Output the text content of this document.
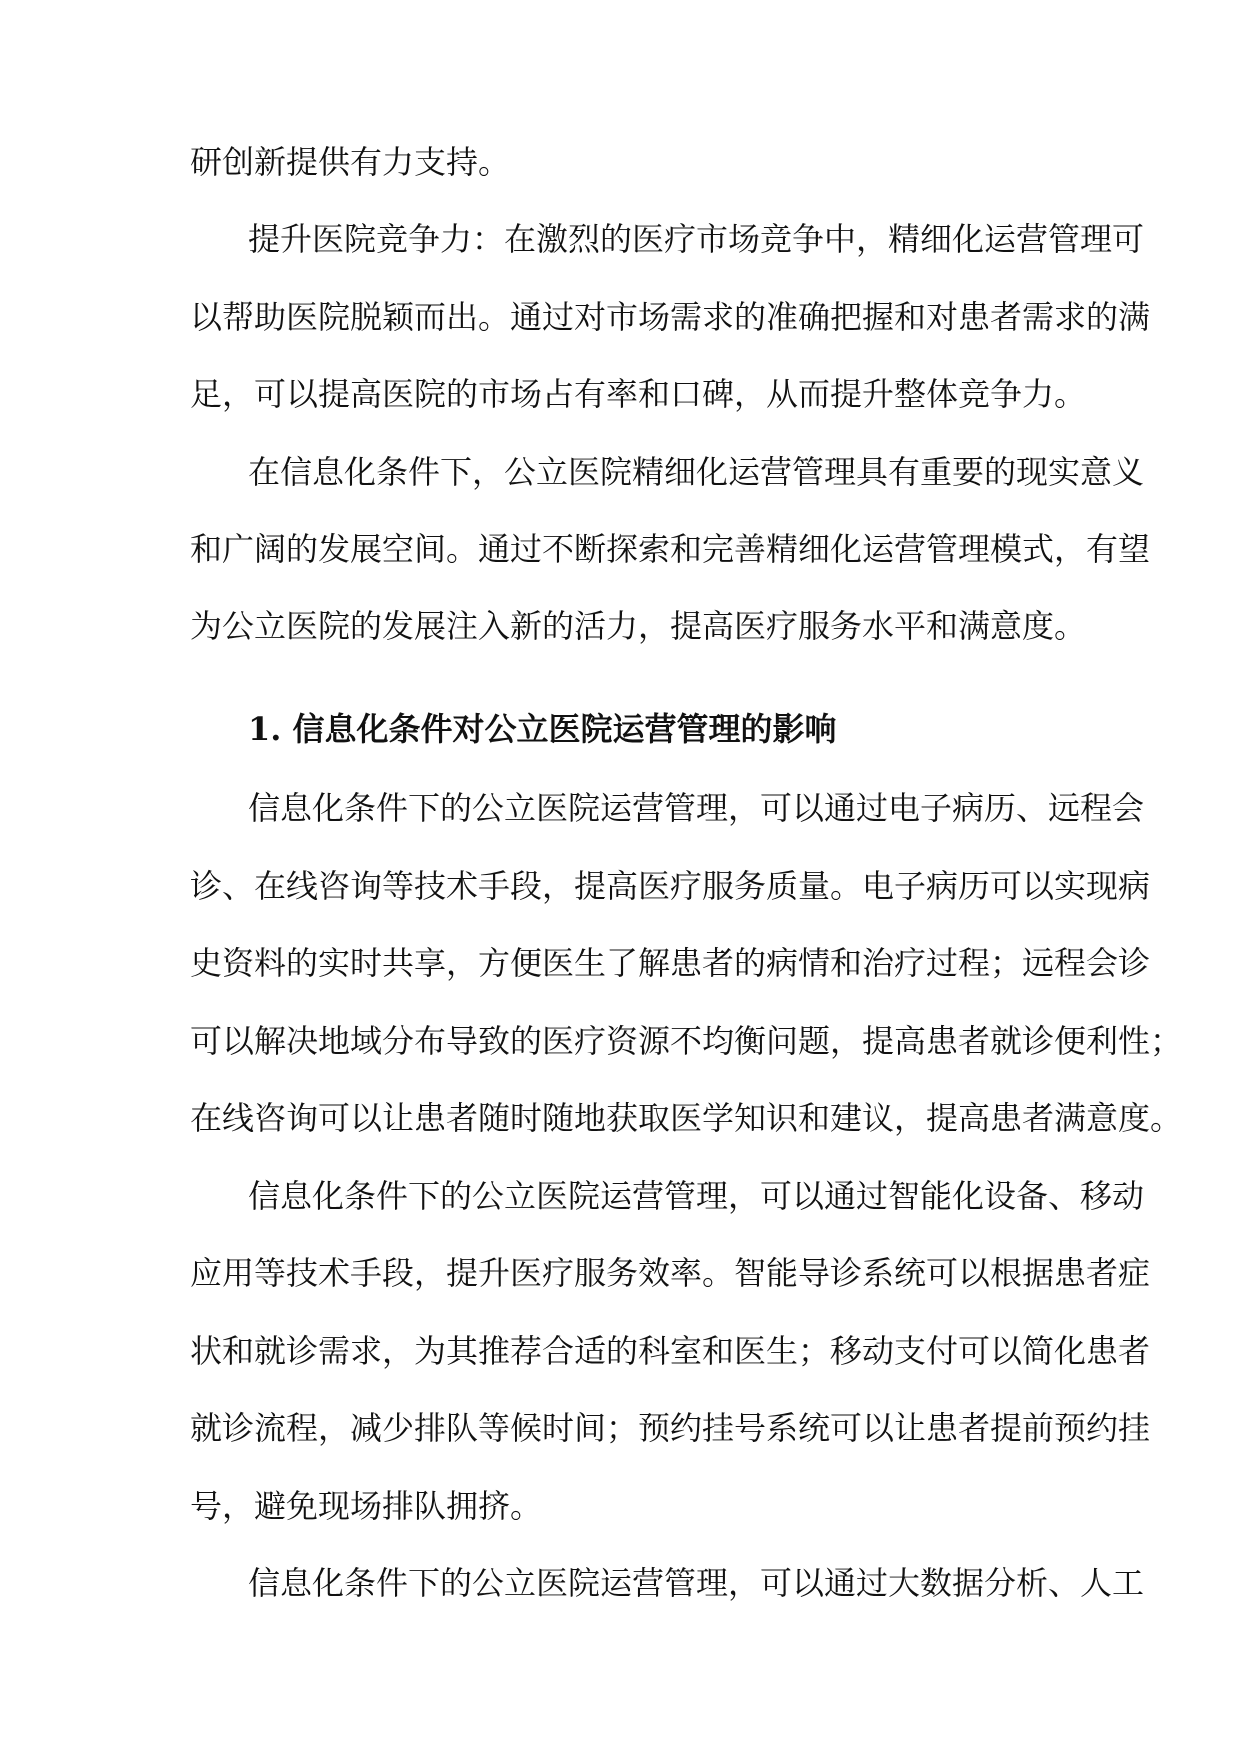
研创新提供有力支持。
提升医院竞争力：在激烈的医疗市场竞争中，精细化运营管理可
以帮助医院脱颖而出。通过对市场需求的准确把握和对患者需求的满
足，可以提高医院的市场占有率和口碑，从而提升整体竞争力。
在信息化条件下，公立医院精细化运营管理具有重要的现实意义
和广阔的发展空间。通过不断探索和完善精细化运营管理模式，有望
为公立医院的发展注入新的活力，提高医疗服务水平和满意度。
1. 信息化条件对公立医院运营管理的影响
信息化条件下的公立医院运营管理，可以通过电子病历、远程会
诊、在线咨询等技术手段，提高医疗服务质量。电子病历可以实现病
史资料的实时共享，方便医生了解患者的病情和治疗过程；远程会诊
可以解决地域分布导致的医疗资源不均衡问题，提高患者就诊便利性；
在线咨询可以让患者随时随地获取医学知识和建议，提高患者满意度。
信息化条件下的公立医院运营管理，可以通过智能化设备、移动
应用等技术手段，提升医疗服务效率。智能导诊系统可以根据患者症
状和就诊需求，为其推荐合适的科室和医生；移动支付可以简化患者
就诊流程，减少排队等候时间；预约挂号系统可以让患者提前预约挂
号，避免现场排队拥挤。
信息化条件下的公立医院运营管理，可以通过大数据分析、人工
